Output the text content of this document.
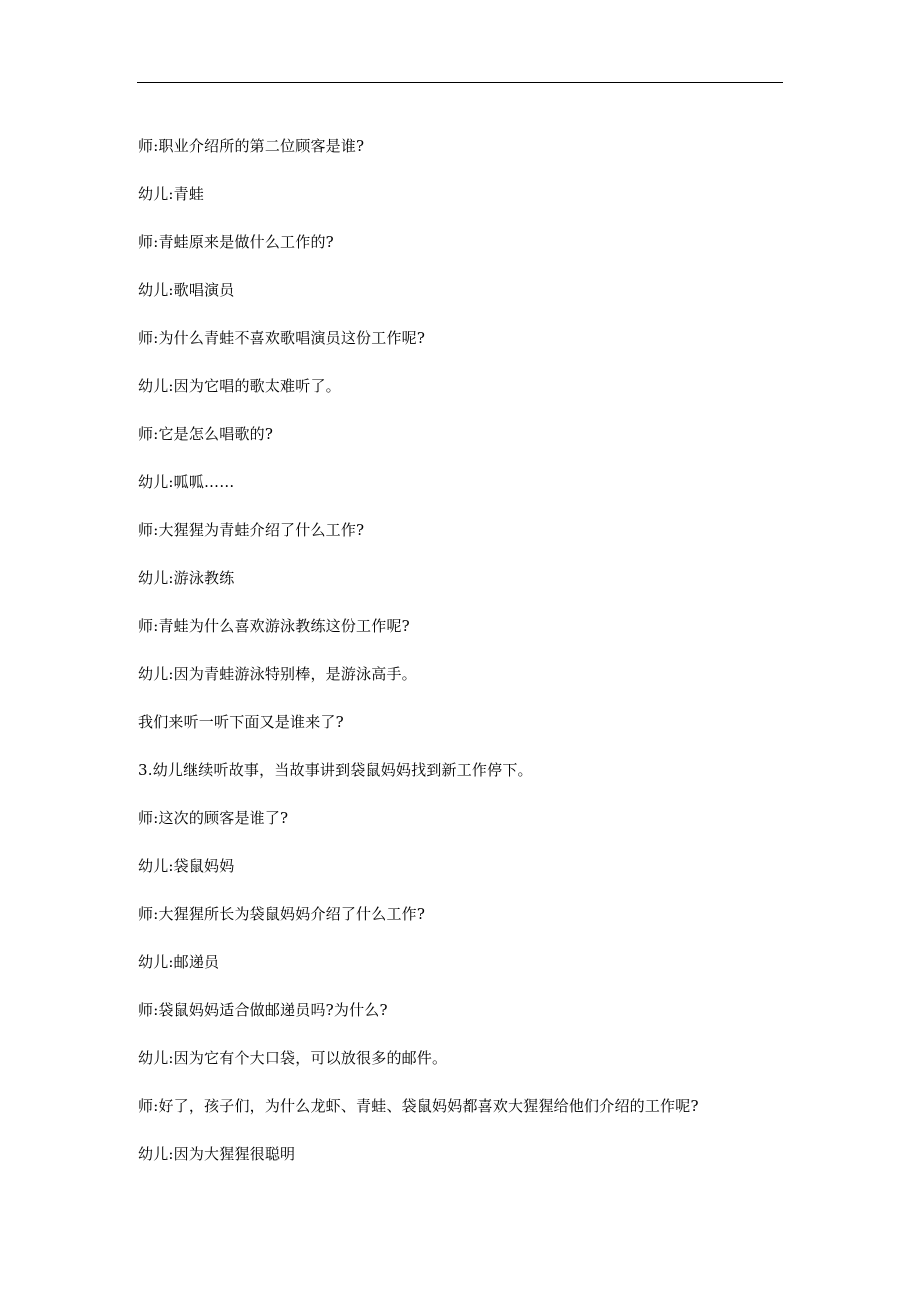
师:职业介绍所的第二位顾客是谁?
幼儿:青蛙
师:青蛙原来是做什么工作的?
幼儿:歌唱演员
师:为什么青蛙不喜欢歌唱演员这份工作呢?
幼儿:因为它唱的歌太难听了。
师:它是怎么唱歌的?
幼儿:呱呱……
师:大猩猩为青蛙介绍了什么工作?
幼儿:游泳教练
师:青蛙为什么喜欢游泳教练这份工作呢?
幼儿:因为青蛙游泳特别棒，是游泳高手。
我们来听一听下面又是谁来了?
3.幼儿继续听故事，当故事讲到袋鼠妈妈找到新工作停下。
师:这次的顾客是谁了?
幼儿:袋鼠妈妈
师:大猩猩所长为袋鼠妈妈介绍了什么工作?
幼儿:邮递员
师:袋鼠妈妈适合做邮递员吗?为什么?
幼儿:因为它有个大口袋，可以放很多的邮件。
师:好了，孩子们，为什么龙虾、青蛙、袋鼠妈妈都喜欢大猩猩给他们介绍的工作呢?
幼儿:因为大猩猩很聪明
